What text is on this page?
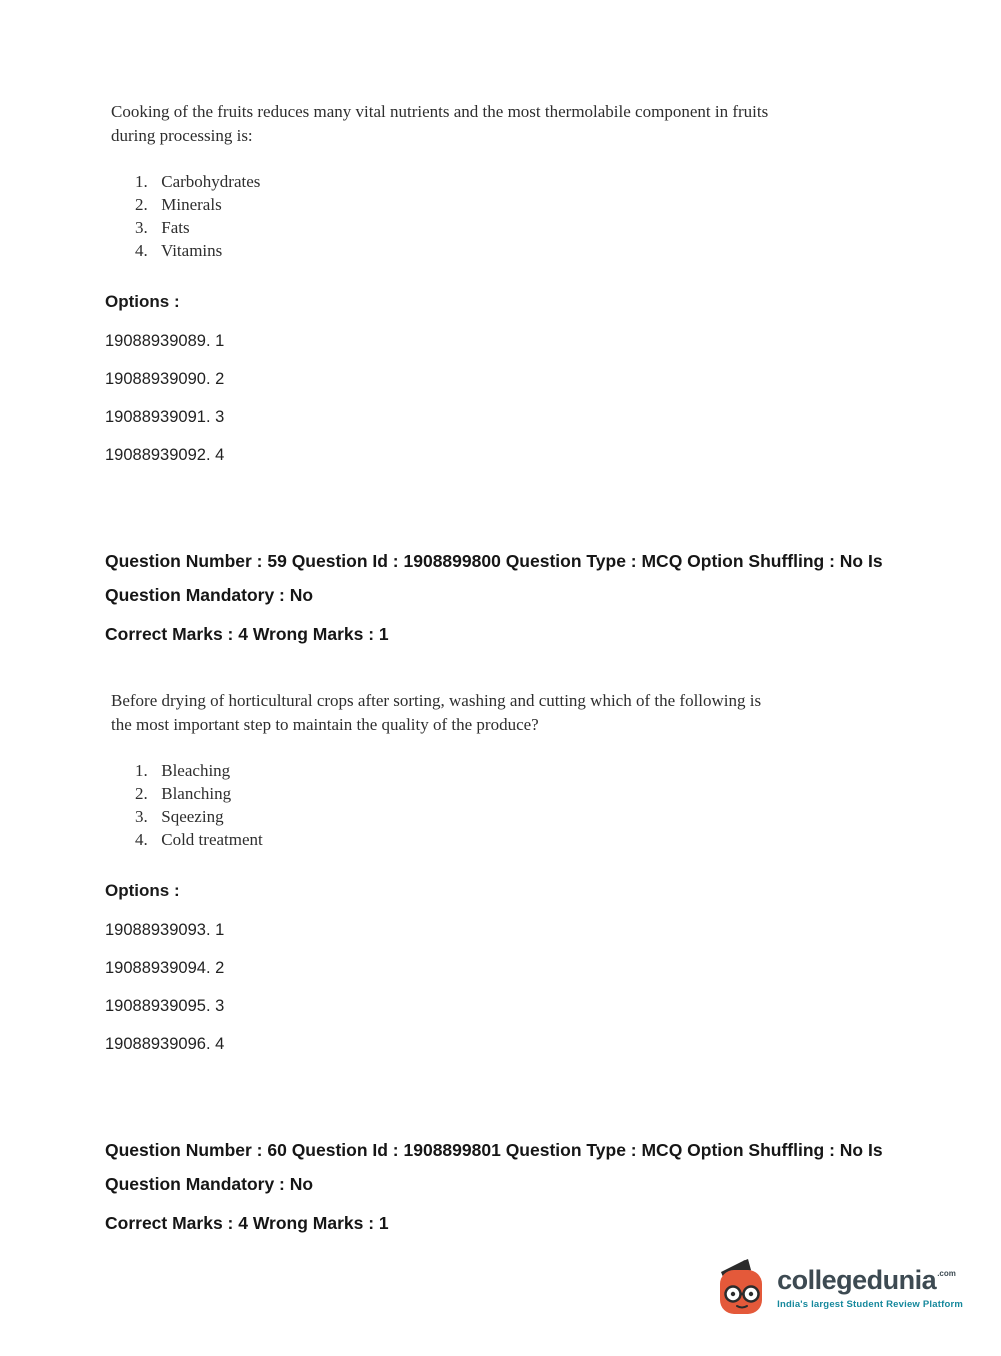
Cooking of the fruits reduces many vital nutrients and the most thermolabile component in fruits
during processing is:
1. Carbohydrates
2. Minerals
3. Fats
4. Vitamins
Options :
19088939089. 1
19088939090. 2
19088939091. 3
19088939092. 4
Question Number : 59 Question Id : 1908899800 Question Type : MCQ Option Shuffling : No Is
Question Mandatory : No
Correct Marks : 4 Wrong Marks : 1
Before drying of horticultural crops after sorting, washing and cutting which of the following is
the most important step to maintain the quality of the produce?
1. Bleaching
2. Blanching
3. Sqeezing
4. Cold treatment
Options :
19088939093. 1
19088939094. 2
19088939095. 3
19088939096. 4
Question Number : 60 Question Id : 1908899801 Question Type : MCQ Option Shuffling : No Is
Question Mandatory : No
Correct Marks : 4 Wrong Marks : 1
collegedunia .com
India's largest Student Review Platform
